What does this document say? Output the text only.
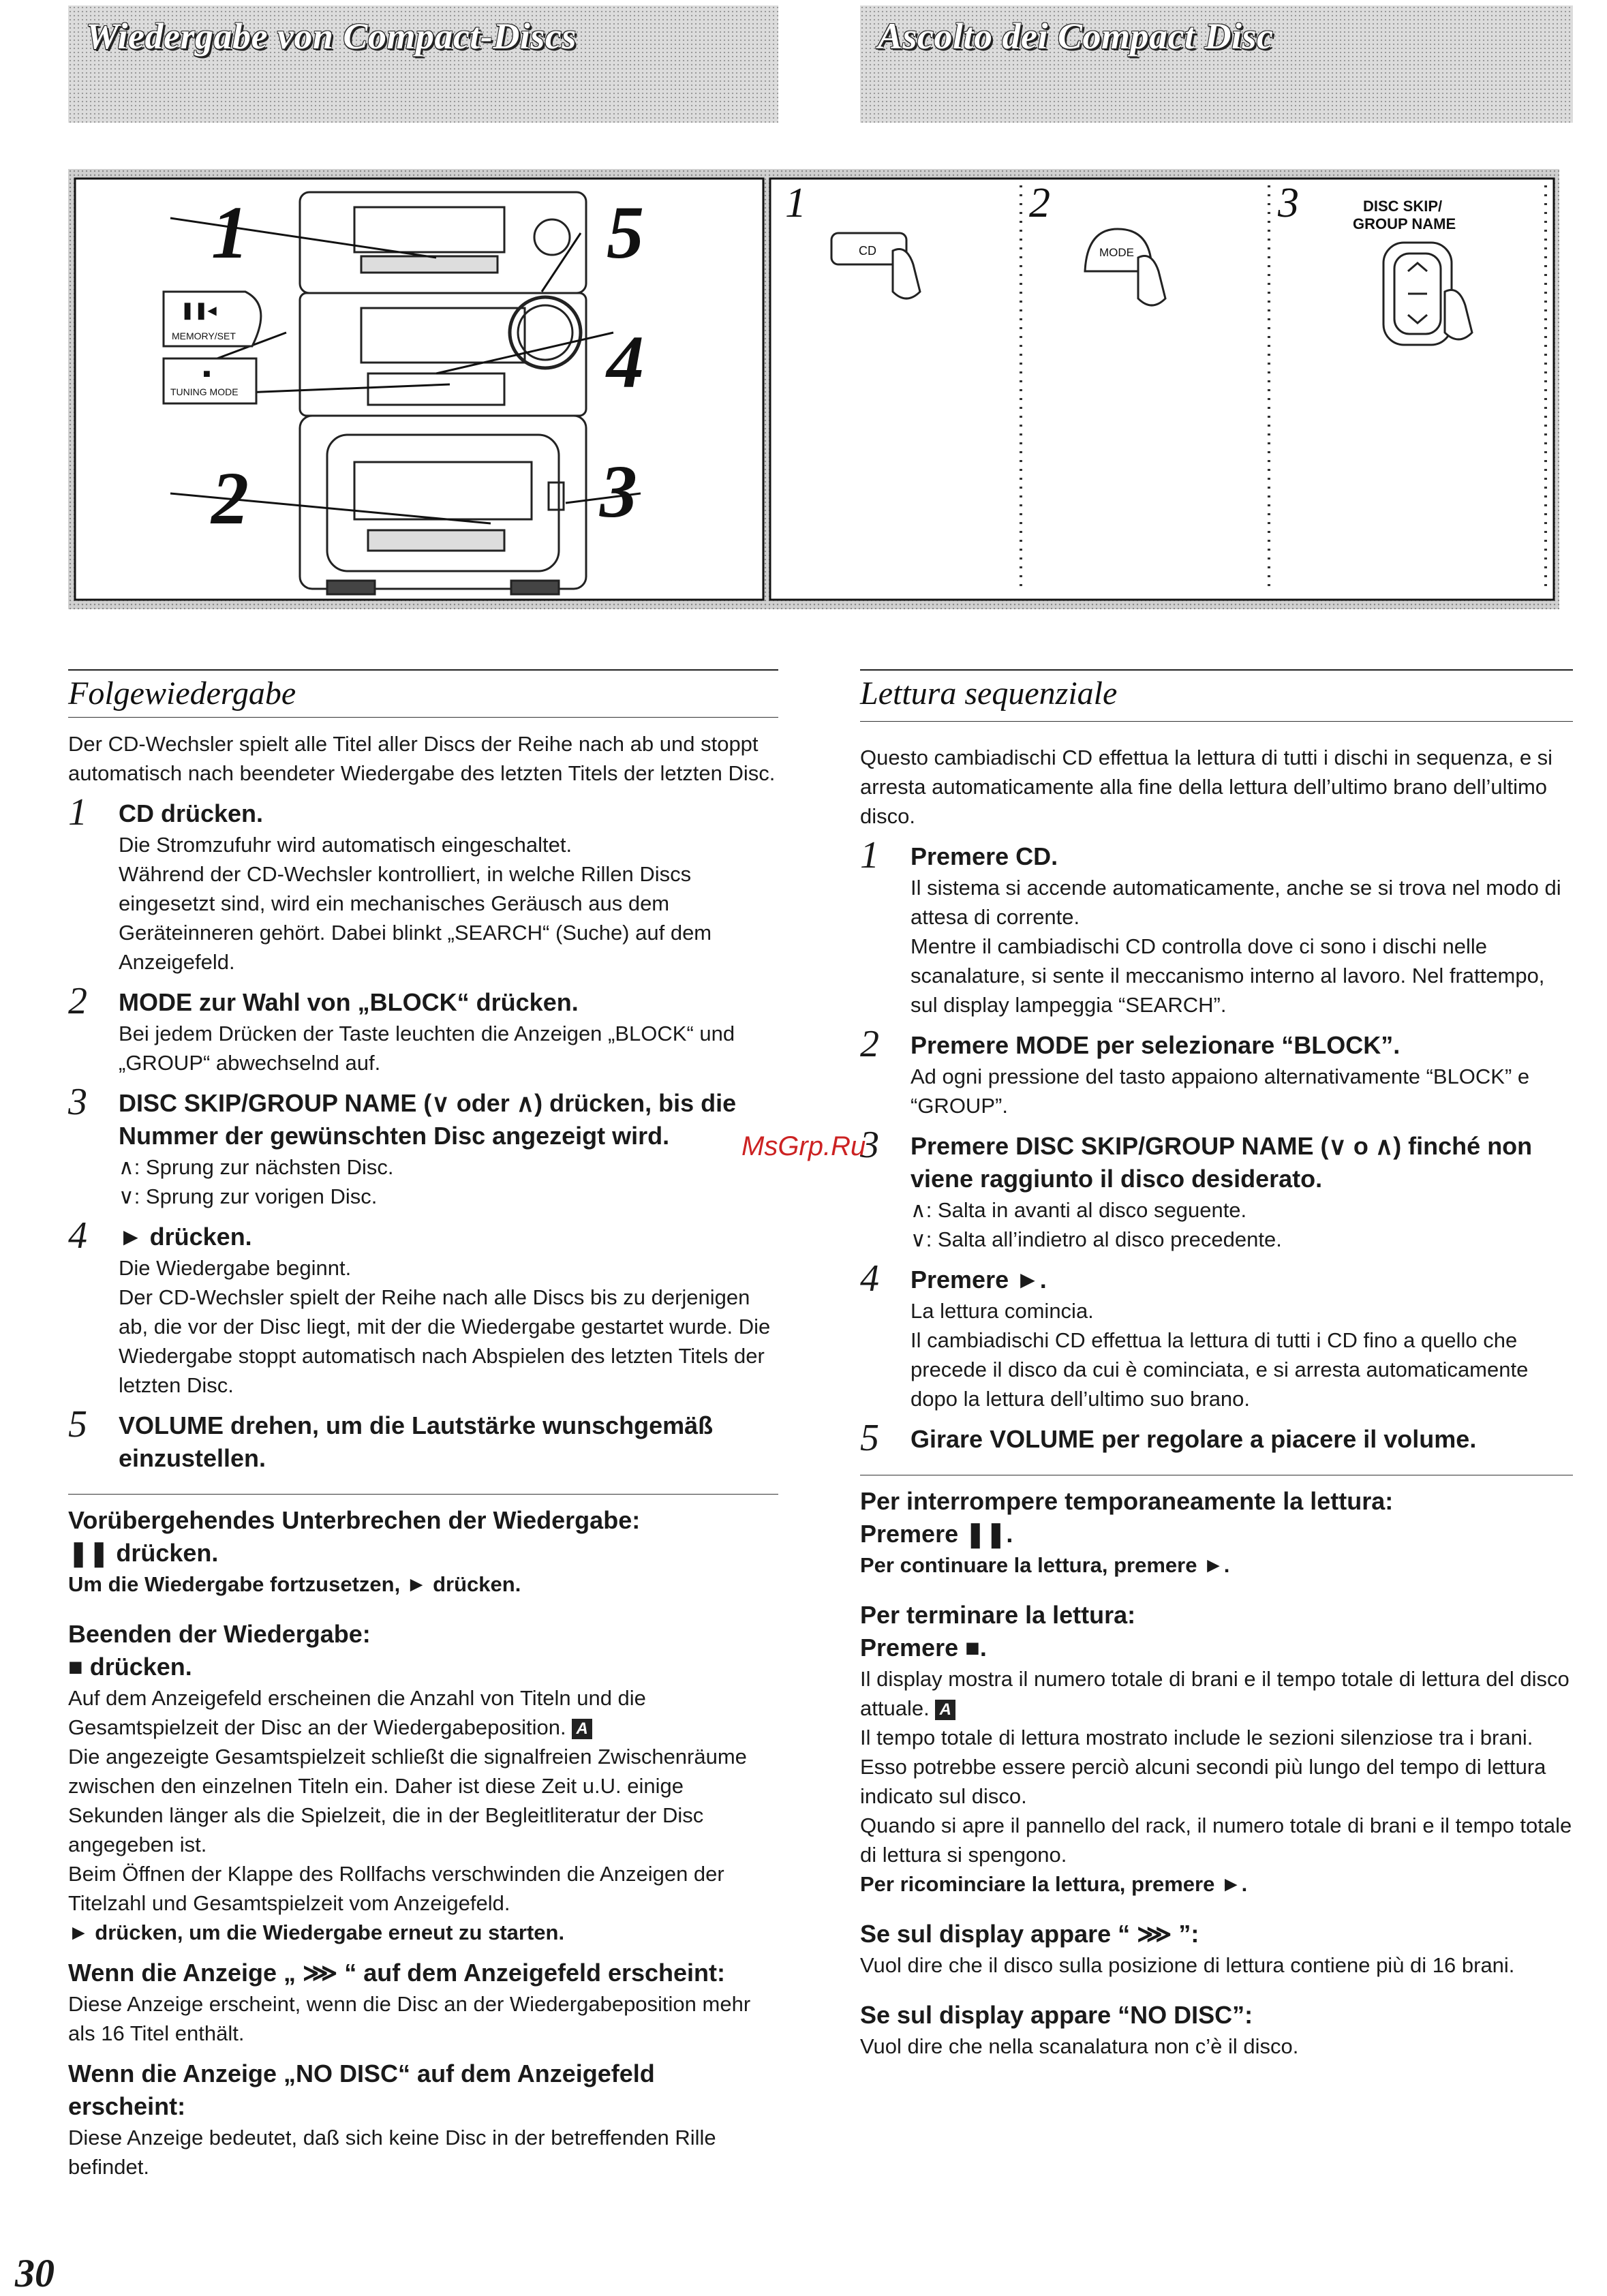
Wiedergabe von Compact-Discs	Ascolto dei Compact Disc
1
2	3
4
5
❚❚◂
MEMORY/SET
■
TUNING MODE
1
CD
2
MODE
3	DISC SKIP/
GROUP NAME
Folgewiedergabe

Der CD-Wechsler spielt alle Titel aller Discs der Reihe nach ab und stoppt automatisch nach beendeter Wiedergabe des letzten Titels der letzten Disc.

1 CD drücken.
Die Stromzufuhr wird automatisch eingeschaltet.
Während der CD-Wechsler kontrolliert, in welche Rillen Discs eingesetzt sind, wird ein mechanisches Geräusch aus dem Geräteinneren gehört. Dabei blinkt „SEARCH“ (Suche) auf dem Anzeigefeld.
2 MODE zur Wahl von „BLOCK“ drücken.
Bei jedem Drücken der Taste leuchten die Anzeigen „BLOCK“ und „GROUP“ abwechselnd auf.
3 DISC SKIP/GROUP NAME (∨ oder ∧) drücken, bis die Nummer der gewünschten Disc angezeigt wird.
∧: Sprung zur nächsten Disc.
∨: Sprung zur vorigen Disc.
4 ► drücken.
Die Wiedergabe beginnt.
Der CD-Wechsler spielt der Reihe nach alle Discs bis zu derjenigen ab, die vor der Disc liegt, mit der die Wiedergabe gestartet wurde. Die Wiedergabe stoppt automatisch nach Abspielen des letzten Titels der letzten Disc.
5 VOLUME drehen, um die Lautstärke wunschgemäß einzustellen.
Vorübergehendes Unterbrechen der Wiedergabe:
❚❚ drücken.
Um die Wiedergabe fortzusetzen, ► drücken.
Beenden der Wiedergabe:
■ drücken.

Auf dem Anzeigefeld erscheinen die Anzahl von Titeln und die Gesamtspielzeit der Disc an der Wiedergabeposition. A

Die angezeigte Gesamtspielzeit schließt die signalfreien Zwischenräume zwischen den einzelnen Titeln ein. Daher ist diese Zeit u.U. einige Sekunden länger als die Spielzeit, die in der Begleitliteratur der Disc angegeben ist.

Beim Öffnen der Klappe des Rollfachs verschwinden die Anzeigen der Titelzahl und Gesamtspielzeit vom Anzeigefeld.

► drücken, um die Wiedergabe erneut zu starten.
Wenn die Anzeige „ ⋙ “ auf dem Anzeigefeld erscheint:

Diese Anzeige erscheint, wenn die Disc an der Wiedergabeposition mehr als 16 Titel enthält.

Wenn die Anzeige „NO DISC“ auf dem Anzeigefeld erscheint:

Diese Anzeige bedeutet, daß sich keine Disc in der betreffenden Rille befindet.

Lettura sequenziale

Questo cambiadischi CD effettua la lettura di tutti i dischi in sequenza, e si arresta automaticamente alla fine della lettura dell’ultimo brano dell’ultimo disco.

1 Premere CD.
Il sistema si accende automaticamente, anche se si trova nel modo di attesa di corrente.
Mentre il cambiadischi CD controlla dove ci sono i dischi nelle scanalature, si sente il meccanismo interno al lavoro. Nel frattempo, sul display lampeggia “SEARCH”.
2 Premere MODE per selezionare “BLOCK”.
Ad ogni pressione del tasto appaiono alternativamente “BLOCK” e “GROUP”.
3 Premere DISC SKIP/GROUP NAME (∨ o ∧) finché non viene raggiunto il disco desiderato.
∧: Salta in avanti al disco seguente.
∨: Salta all’indietro al disco precedente.
4 Premere ►.
La lettura comincia.
Il cambiadischi CD effettua la lettura di tutti i CD fino a quello che precede il disco da cui è cominciata, e si arresta automaticamente dopo la lettura dell’ultimo suo brano.
5 Girare VOLUME per regolare a piacere il volume.
Per interrompere temporaneamente la lettura:
Premere ❚❚.
Per continuare la lettura, premere ►.
Per terminare la lettura:
Premere ■.

Il display mostra il numero totale di brani e il tempo totale di lettura del disco attuale. A

Il tempo totale di lettura mostrato include le sezioni silenziose tra i brani. Esso potrebbe essere perciò alcuni secondi più lungo del tempo di lettura indicato sul disco.

Quando si apre il pannello del rack, il numero totale di brani e il tempo totale di lettura si spengono.

Per ricominciare la lettura, premere ►.
Se sul display appare “ ⋙ ”:

Vuol dire che il disco sulla posizione di lettura contiene più di 16 brani.

Se sul display appare “NO DISC”:

Vuol dire che nella scanalatura non c’è il disco.

MsGrp.Ru
30
